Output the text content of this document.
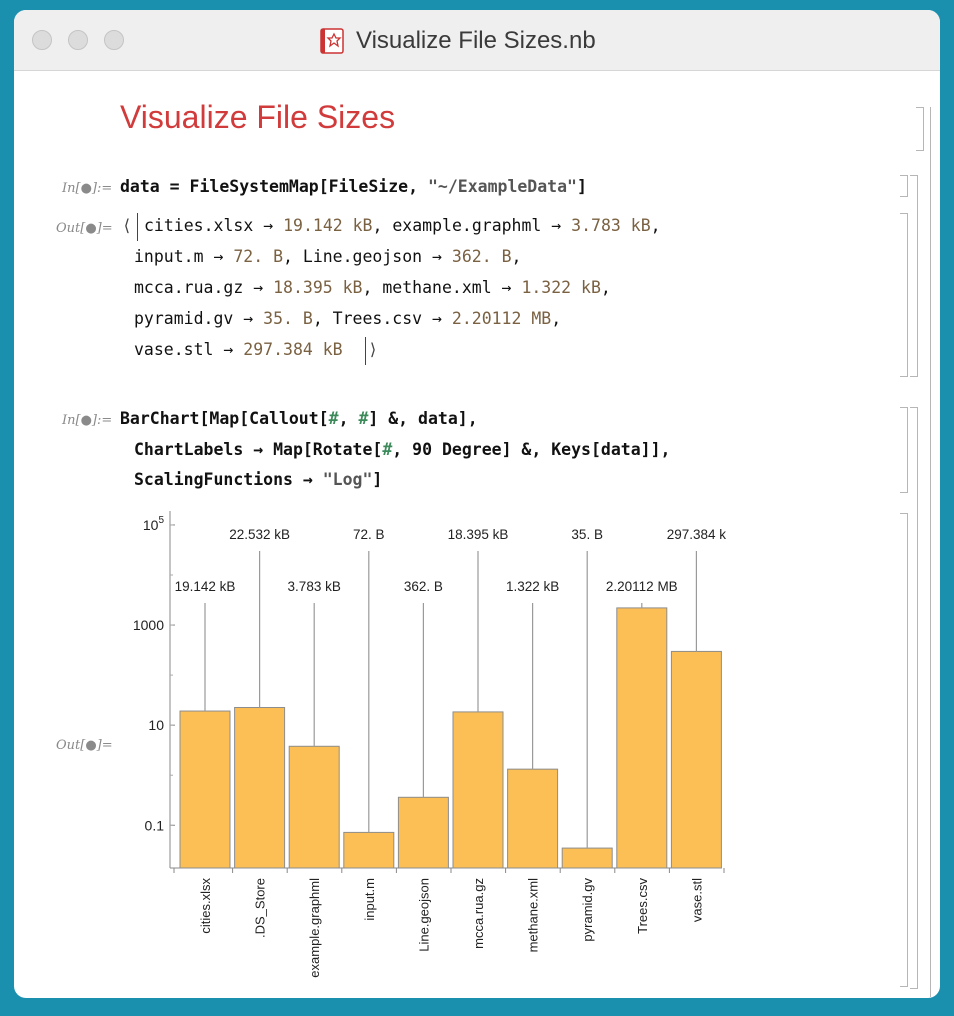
Visualize File Sizes.nb
Visualize File Sizes
In[●]:= data = FileSystemMap[FileSize, "~/ExampleData"]
Out[●]= ⟨ cities.xlsx → 19.142 kB, example.graphml → 3.783 kB,
input.m → 72. B, Line.geojson → 362. B,
mcca.rua.gz → 18.395 kB, methane.xml → 1.322 kB,
pyramid.gv → 35. B, Trees.csv → 2.20112 MB,
vase.stl → 297.384 kB ⟩
In[●]:= BarChart[Map[Callout[#, #] &, data],
ChartLabels → Map[Rotate[#, 90 Degree] &, Keys[data]],
ScalingFunctions → "Log"]
Out[●]=
$10^5$
1000
10
0.1
19.142 kB
cities.xlsx
22.532 kB
.DS_Store
3.783 kB
example.graphml
72. B
input.m
362. B
Line.geojson
18.395 kB
mcca.rua.gz
1.322 kB
methane.xml
35. B
pyramid.gv
2.20112 MB
Trees.csv
297.384 k
vase.stl
